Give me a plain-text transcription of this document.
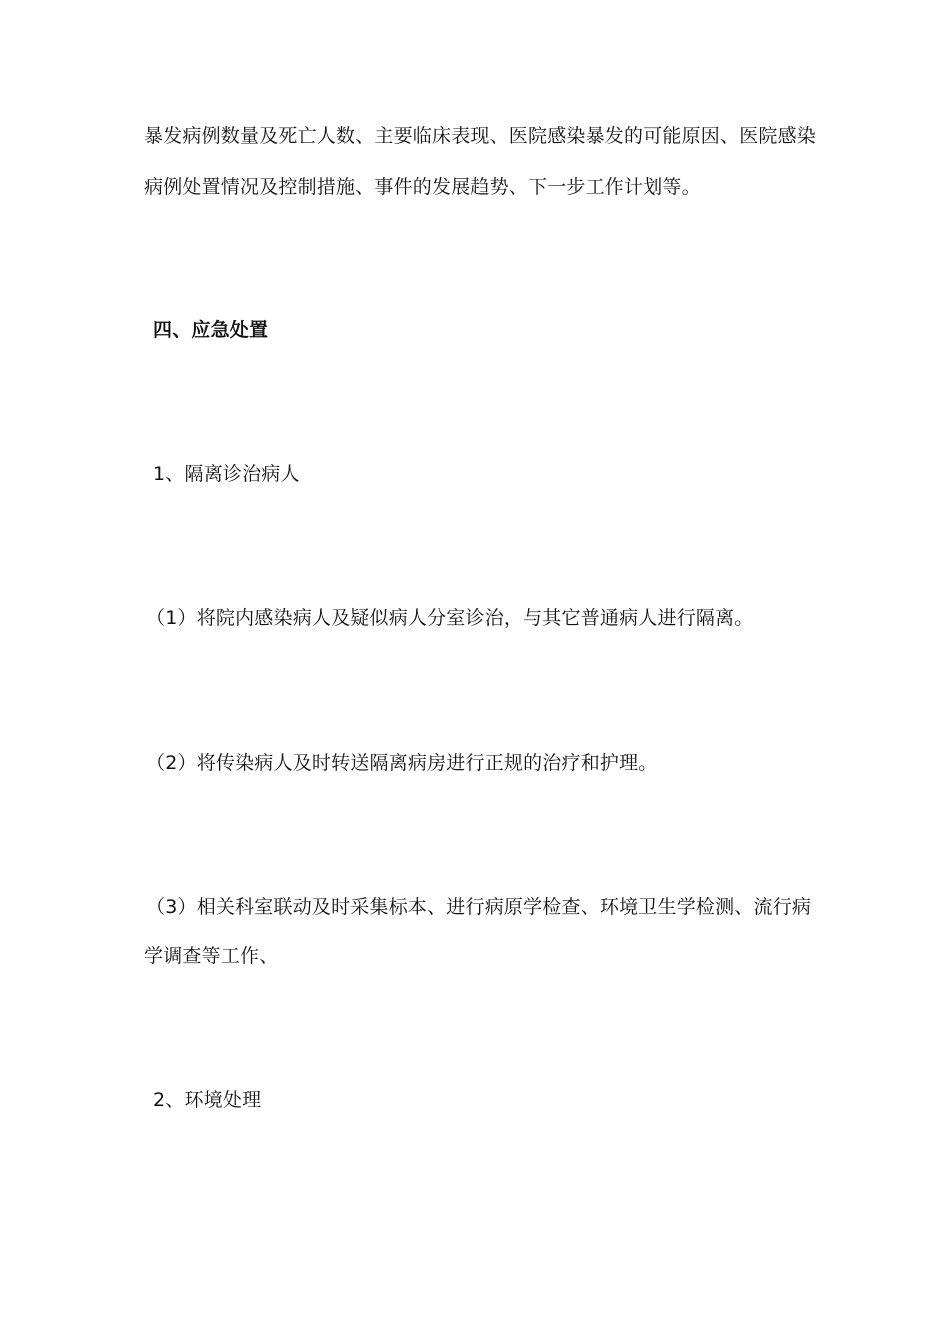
暴发病例数量及死亡人数、主要临床表现、医院感染暴发的可能原因、医院感染
病例处置情况及控制措施、事件的发展趋势、下一步工作计划等。
四、应急处置
1、隔离诊治病人
（1）将院内感染病人及疑似病人分室诊治，与其它普通病人进行隔离。
（2）将传染病人及时转送隔离病房进行正规的治疗和护理。
（3）相关科室联动及时采集标本、进行病原学检查、环境卫生学检测、流行病
学调查等工作、
2、环境处理
